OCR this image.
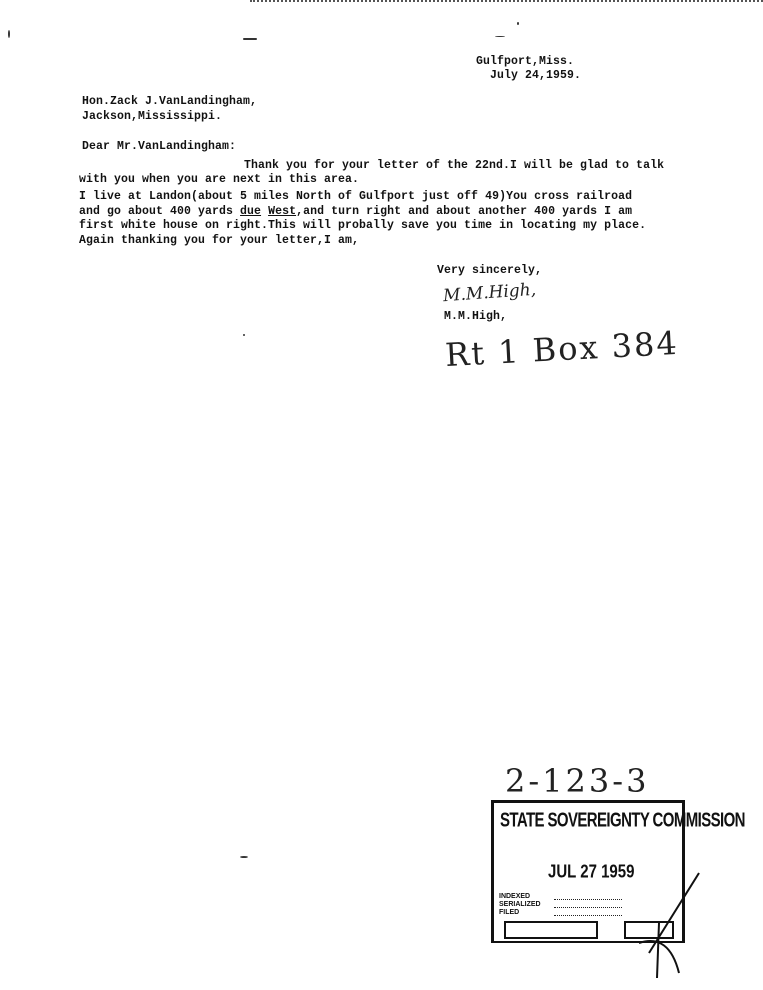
Gulfport,Miss.
July 24,1959.
Hon.Zack J.VanLandingham,
Jackson,Mississippi.
Dear Mr.VanLandingham:
Thank you for your letter of the 22nd.I will be glad to talk
with you when you are next in this area.
I live at Landon(about 5 miles North of Gulfport just off 49)You cross railroad
and go about 400 yards due West,and turn right and about another 400 yards I am
first white house on right.This will probally save you time in locating my place.
Again thanking you for your letter,I am,
Very sincerely,
M.M.High,
M.M.High,
Rt 1 Box 384
2-123-3
STATE SOVEREIGNTY COMMISSION
JUL 27 1959
INDEXED
SERIALIZED
FILED
